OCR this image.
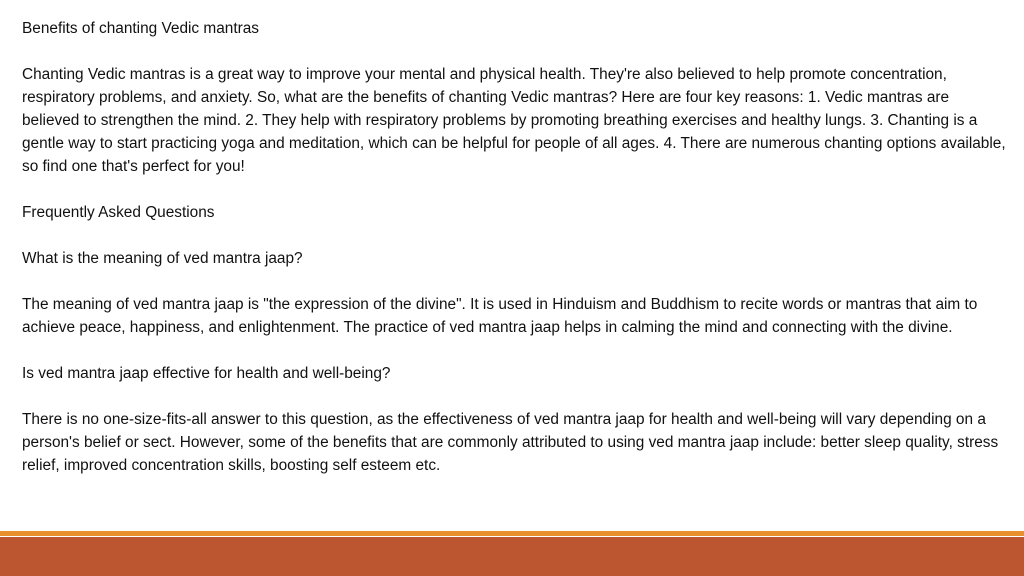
Benefits of chanting Vedic mantras

Chanting Vedic mantras is a great way to improve your mental and physical health. They're also believed to help promote concentration, respiratory problems, and anxiety. So, what are the benefits of chanting Vedic mantras? Here are four key reasons: 1. Vedic mantras are believed to strengthen the mind. 2. They help with respiratory problems by promoting breathing exercises and healthy lungs. 3. Chanting is a gentle way to start practicing yoga and meditation, which can be helpful for people of all ages. 4. There are numerous chanting options available, so find one that's perfect for you!

Frequently Asked Questions

What is the meaning of ved mantra jaap?

The meaning of ved mantra jaap is "the expression of the divine". It is used in Hinduism and Buddhism to recite words or mantras that aim to achieve peace, happiness, and enlightenment. The practice of ved mantra jaap helps in calming the mind and connecting with the divine.

Is ved mantra jaap effective for health and well-being?

There is no one-size-fits-all answer to this question, as the effectiveness of ved mantra jaap for health and well-being will vary depending on a person's belief or sect. However, some of the benefits that are commonly attributed to using ved mantra jaap include: better sleep quality, stress relief, improved concentration skills, boosting self esteem etc.
